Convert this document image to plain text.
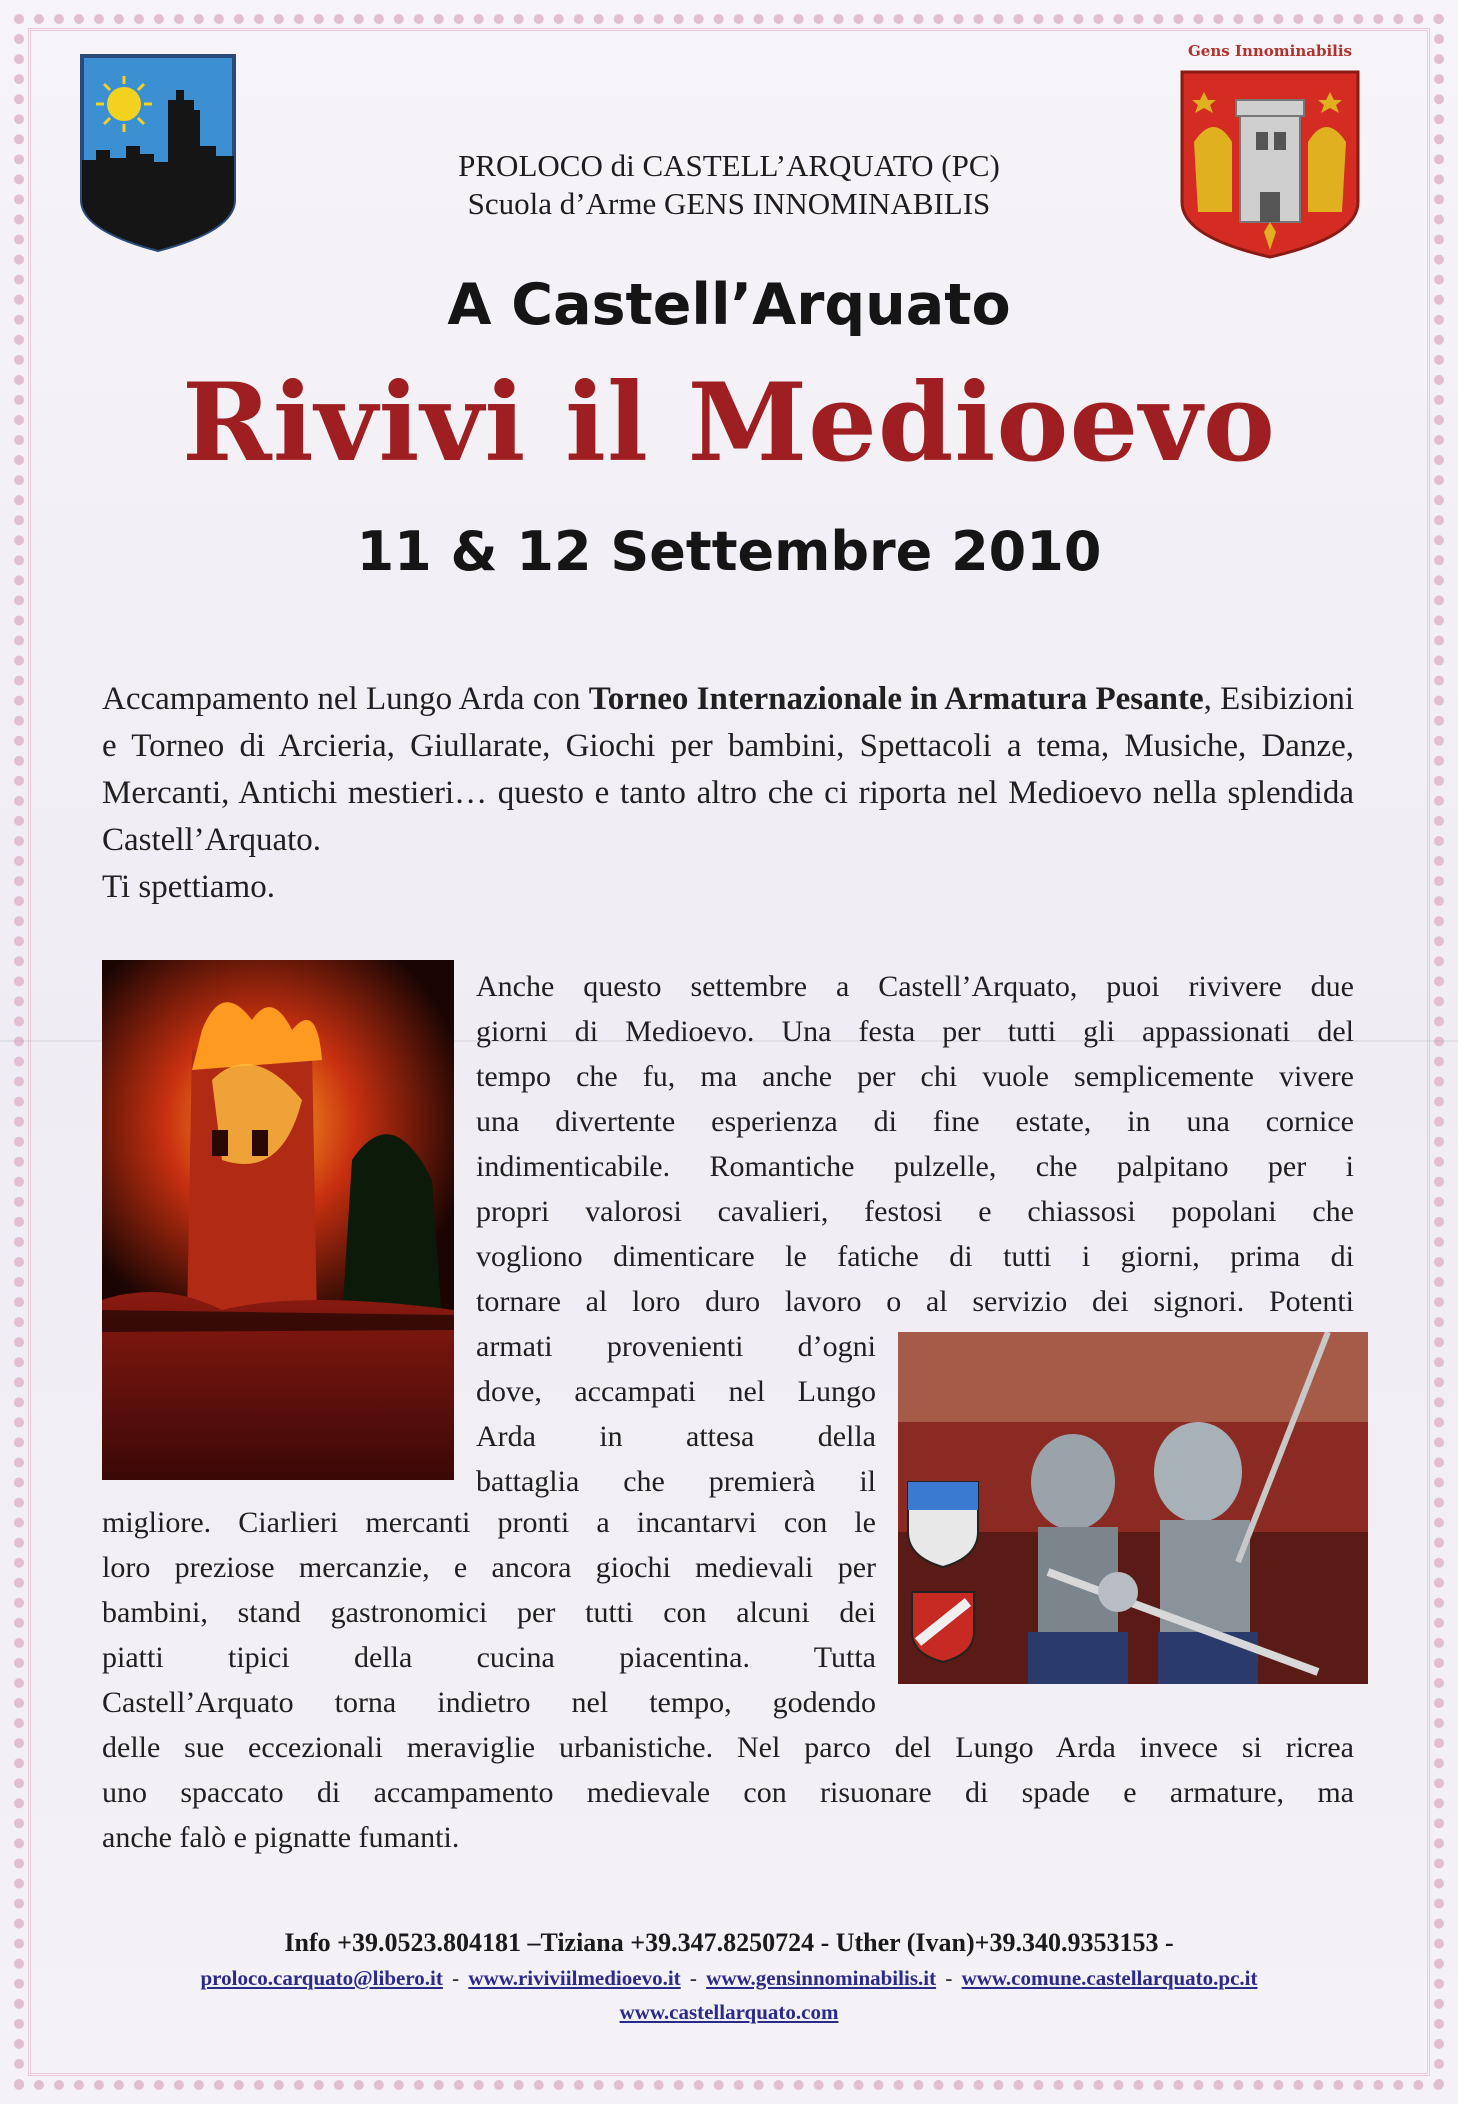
Gens Innominabilis
PROLOCO di CASTELL’ARQUATO (PC)
Scuola d’Arme GENS INNOMINABILIS
A Castell’Arquato
Rivivi il Medioevo
11 & 12 Settembre 2010
Accampamento nel Lungo Arda con Torneo Internazionale in Armatura Pesante, Esibizioni e Torneo di Arcieria, Giullarate, Giochi per bambini, Spettacoli a tema, Musiche, Danze, Mercanti, Antichi mestieri… questo e tanto altro che ci riporta nel Medioevo nella splendida Castell’Arquato.
Ti spettiamo.
Anche questo settembre a Castell’Arquato, puoi rivivere due
giorni di Medioevo. Una festa per tutti gli appassionati del
tempo che fu, ma anche per chi vuole semplicemente vivere
una divertente esperienza di fine estate, in una cornice
indimenticabile. Romantiche pulzelle, che palpitano per i
propri valorosi cavalieri, festosi e chiassosi popolani che
vogliono dimenticare le fatiche di tutti i giorni, prima di
tornare al loro duro lavoro o al servizio dei signori. Potenti
armati provenienti d’ogni
dove, accampati nel Lungo
Arda in attesa della
battaglia che premierà il
migliore. Ciarlieri mercanti pronti a incantarvi con le
loro preziose mercanzie, e ancora giochi medievali per
bambini, stand gastronomici per tutti con alcuni dei
piatti tipici della cucina piacentina. Tutta
Castell’Arquato torna indietro nel tempo, godendo
delle sue eccezionali meraviglie urbanistiche. Nel parco del Lungo Arda invece si ricrea
uno spaccato di accampamento medievale con risuonare di spade e armature, ma
anche falò e pignatte fumanti.
Info +39.0523.804181 –Tiziana +39.347.8250724 - Uther (Ivan)+39.340.9353153 -
proloco.carquato@libero.it - www.riviviilmedioevo.it - www.gensinnominabilis.it - www.comune.castellarquato.pc.it
www.castellarquato.com
